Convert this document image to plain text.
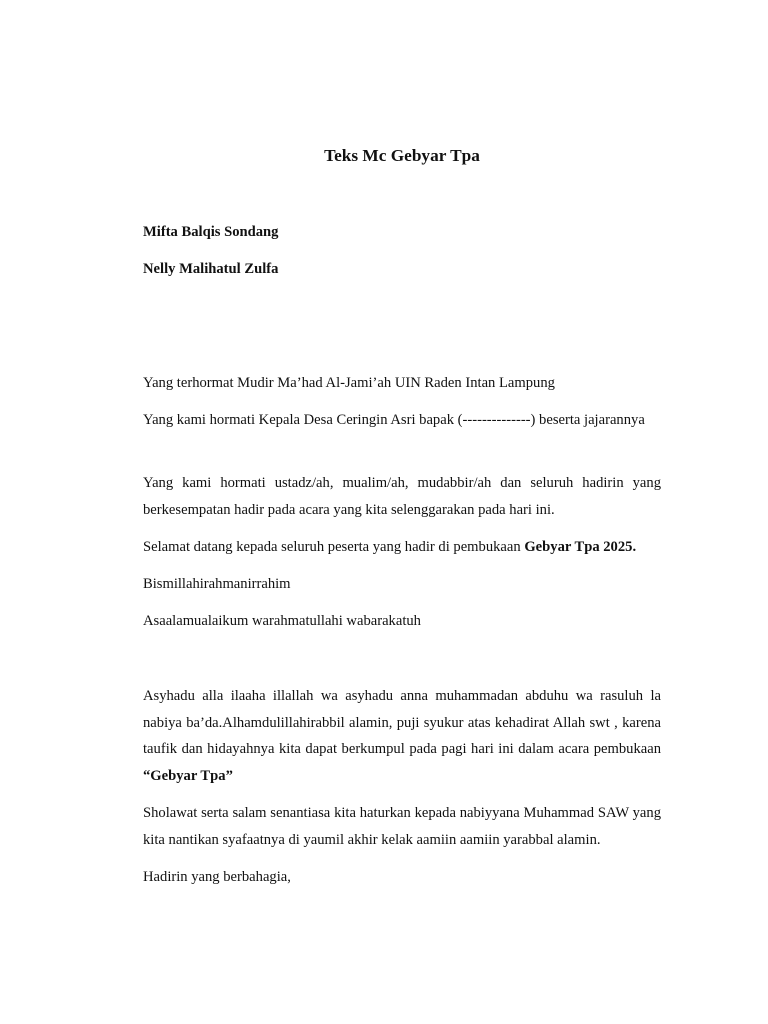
Teks Mc Gebyar Tpa

Mifta Balqis Sondang

Nelly Malihatul Zulfa

Yang terhormat Mudir Ma’had Al-Jami’ah UIN Raden Intan Lampung

Yang kami hormati Kepala Desa Ceringin Asri bapak (--------------) beserta jajarannya

Yang kami hormati ustadz/ah, mualim/ah, mudabbir/ah dan seluruh hadirin yang berkesempatan hadir pada acara yang kita selenggarakan pada hari ini.

Selamat datang kepada seluruh peserta yang hadir di pembukaan Gebyar Tpa 2025.

Bismillahirahmanirrahim

Asaalamualaikum warahmatullahi wabarakatuh

Asyhadu alla ilaaha illallah wa asyhadu anna muhammadan abduhu wa rasuluh la nabiya ba’da.Alhamdulillahirabbil alamin, puji syukur atas kehadirat Allah swt , karena taufik dan hidayahnya kita dapat berkumpul pada pagi hari ini dalam acara pembukaan “Gebyar Tpa”

Sholawat serta salam senantiasa kita haturkan kepada nabiyyana Muhammad SAW yang kita nantikan syafaatnya di yaumil akhir kelak aamiin aamiin yarabbal alamin.

Hadirin yang berbahagia,
